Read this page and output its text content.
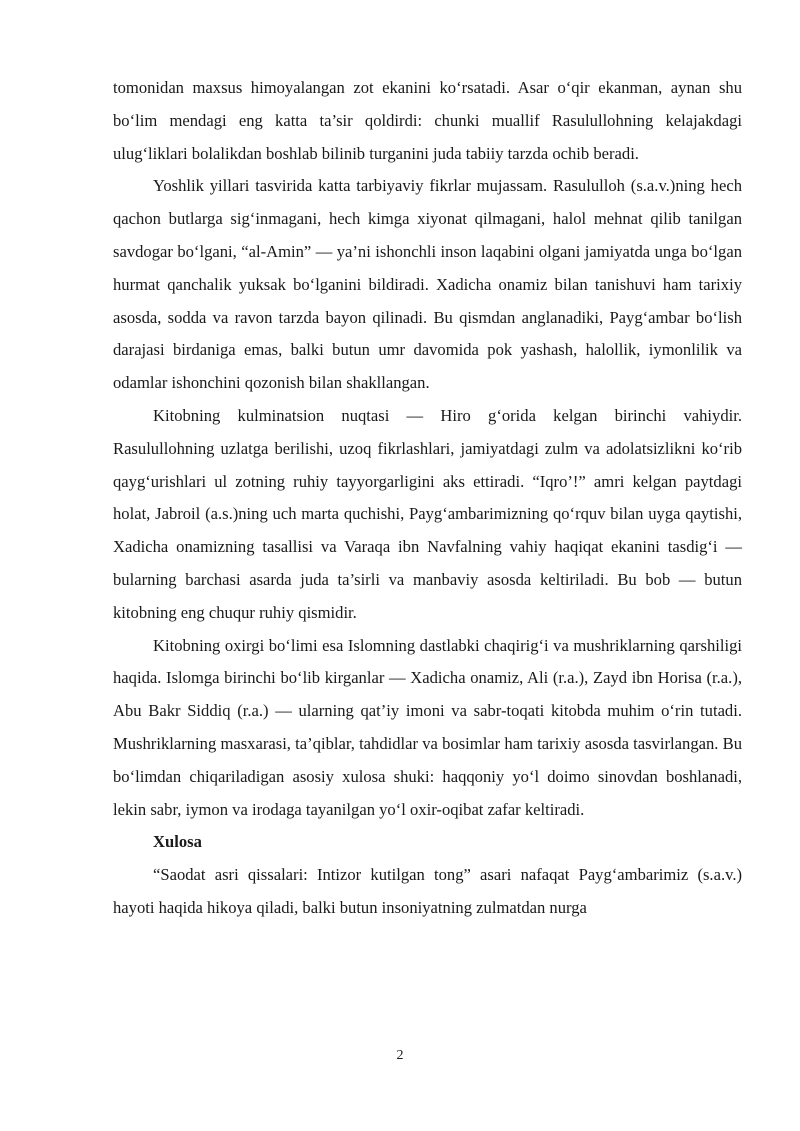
tomonidan maxsus himoyalangan zot ekanini ko‘rsatadi. Asar o‘qir ekanman, aynan shu bo‘lim mendagi eng katta ta’sir qoldirdi: chunki muallif Rasulullohning kelajakdagi ulug‘liklari bolalikdan boshlab bilinib turganini juda tabiiy tarzda ochib beradi.

Yoshlik yillari tasvirida katta tarbiyaviy fikrlar mujassam. Rasululloh (s.a.v.)ning hech qachon butlarga sig‘inmagani, hech kimga xiyonat qilmagani, halol mehnat qilib tanilgan savdogar bo‘lgani, “al-Amin” — ya’ni ishonchli inson laqabini olgani jamiyatda unga bo‘lgan hurmat qanchalik yuksak bo‘lganini bildiradi. Xadicha onamiz bilan tanishuvi ham tarixiy asosda, sodda va ravon tarzda bayon qilinadi. Bu qismdan anglanadiki, Payg‘ambar bo‘lish darajasi birdaniga emas, balki butun umr davomida pok yashash, halollik, iymonlilik va odamlar ishonchini qozonish bilan shakllangan.

Kitobning kulminatsion nuqtasi — Hiro g‘orida kelgan birinchi vahiydir. Rasulullohning uzlatga berilishi, uzoq fikrlashlari, jamiyatdagi zulm va adolatsizlikni ko‘rib qayg‘urishlari ul zotning ruhiy tayyorgarligini aks ettiradi. “Iqro’!” amri kelgan paytdagi holat, Jabroil (a.s.)ning uch marta quchishi, Payg‘ambarimizning qo‘rquv bilan uyga qaytishi, Xadicha onamizning tasallisi va Varaqa ibn Navfalning vahiy haqiqat ekanini tasdig‘i — bularning barchasi asarda juda ta’sirli va manbaviy asosda keltiriladi. Bu bob — butun kitobning eng chuqur ruhiy qismidir.

Kitobning oxirgi bo‘limi esa Islomning dastlabki chaqirig‘i va mushriklarning qarshiligi haqida. Islomga birinchi bo‘lib kirganlar — Xadicha onamiz, Ali (r.a.), Zayd ibn Horisa (r.a.), Abu Bakr Siddiq (r.a.) — ularning qat’iy imoni va sabr-toqati kitobda muhim o‘rin tutadi. Mushriklarning masxarasi, ta’qiblar, tahdidlar va bosimlar ham tarixiy asosda tasvirlangan. Bu bo‘limdan chiqariladigan asosiy xulosa shuki: haqqoniy yo‘l doimo sinovdan boshlanadi, lekin sabr, iymon va irodaga tayanilgan yo‘l oxir-oqibat zafar keltiradi.

Xulosa

“Saodat asri qissalari: Intizor kutilgan tong” asari nafaqat Payg‘ambarimiz (s.a.v.) hayoti haqida hikoya qiladi, balki butun insoniyatning zulmatdan nurga

2
